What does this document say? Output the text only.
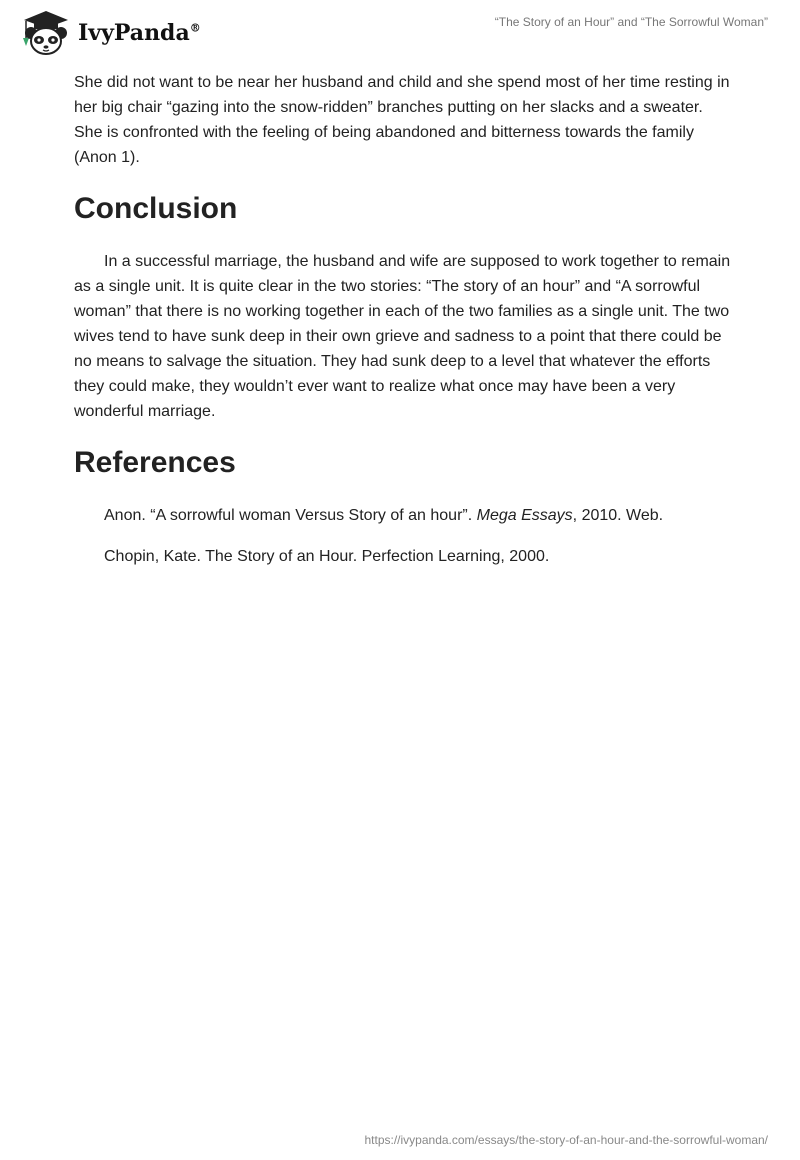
IvyPanda®	“The Story of an Hour” and “The Sorrowful Woman”

She did not want to be near her husband and child and she spend most of her time resting in her big chair “gazing into the snow-ridden” branches putting on her slacks and a sweater. She is confronted with the feeling of being abandoned and bitterness towards the family (Anon 1).

Conclusion

In a successful marriage, the husband and wife are supposed to work together to remain as a single unit. It is quite clear in the two stories: “The story of an hour” and “A sorrowful woman” that there is no working together in each of the two families as a single unit. The two wives tend to have sunk deep in their own grieve and sadness to a point that there could be no means to salvage the situation. They had sunk deep to a level that whatever the efforts they could make, they wouldn’t ever want to realize what once may have been a very wonderful marriage.

References

Anon. “A sorrowful woman Versus Story of an hour”. Mega Essays, 2010. Web.

Chopin, Kate. The Story of an Hour. Perfection Learning, 2000.

https://ivypanda.com/essays/the-story-of-an-hour-and-the-sorrowful-woman/
